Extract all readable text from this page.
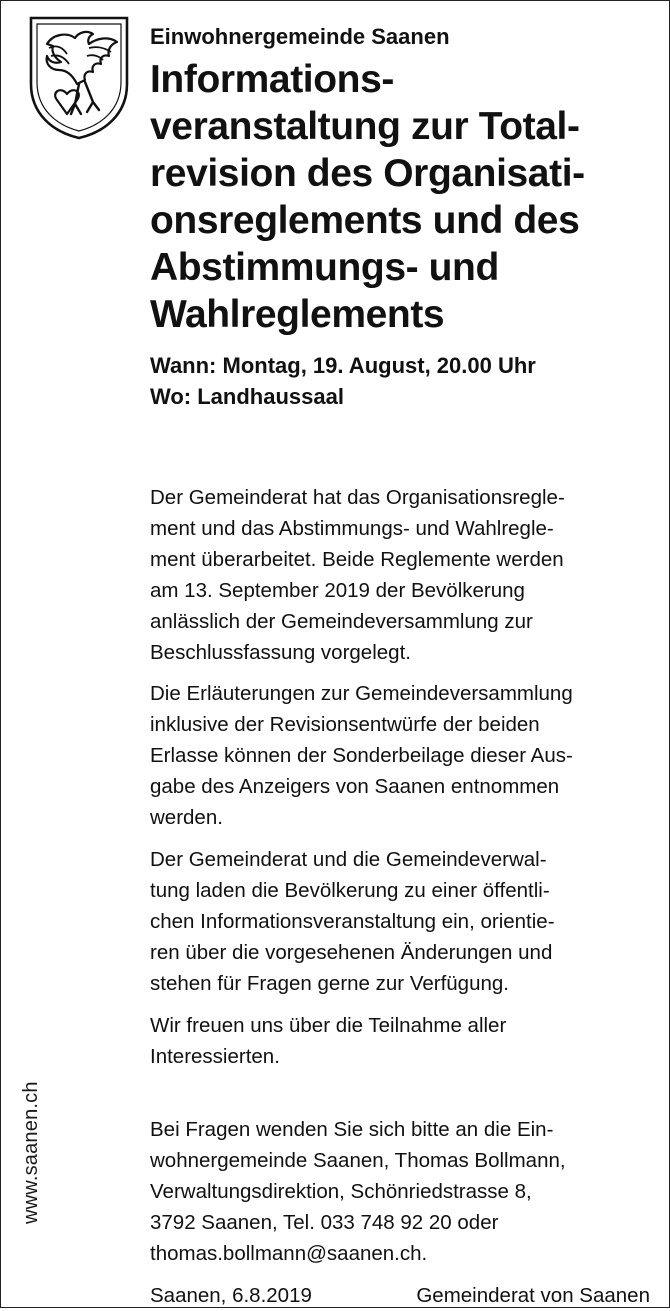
www.saanen.ch
Einwohnergemeinde Saanen
Informations-
veranstaltung zur Total-
revision des Organisati-
onsreglements und des
Abstimmungs- und
Wahlreglements
Wann: Montag, 19. August, 20.00 Uhr
Wo: Landhaussaal

Der Gemeinderat hat das Organisationsregle-
ment und das Abstimmungs- und Wahlregle-
ment überarbeitet. Beide Reglemente werden
am 13. September 2019 der Bevölkerung
anlässlich der Gemeindeversammlung zur
Beschlussfassung vorgelegt.

Die Erläuterungen zur Gemeindeversammlung
inklusive der Revisionsentwürfe der beiden
Erlasse können der Sonderbeilage dieser Aus-
gabe des Anzeigers von Saanen entnommen
werden.

Der Gemeinderat und die Gemeindeverwal-
tung laden die Bevölkerung zu einer öffentli-
chen Informationsveranstaltung ein, orientie-
ren über die vorgesehenen Änderungen und
stehen für Fragen gerne zur Verfügung.

Wir freuen uns über die Teilnahme aller
Interessierten.

Bei Fragen wenden Sie sich bitte an die Ein-
wohnergemeinde Saanen, Thomas Bollmann,
Verwaltungsdirektion, Schönriedstrasse 8,
3792 Saanen, Tel. 033 748 92 20 oder
thomas.bollmann@saanen.ch.

Saanen, 6.8.2019	Gemeinderat von Saanen
